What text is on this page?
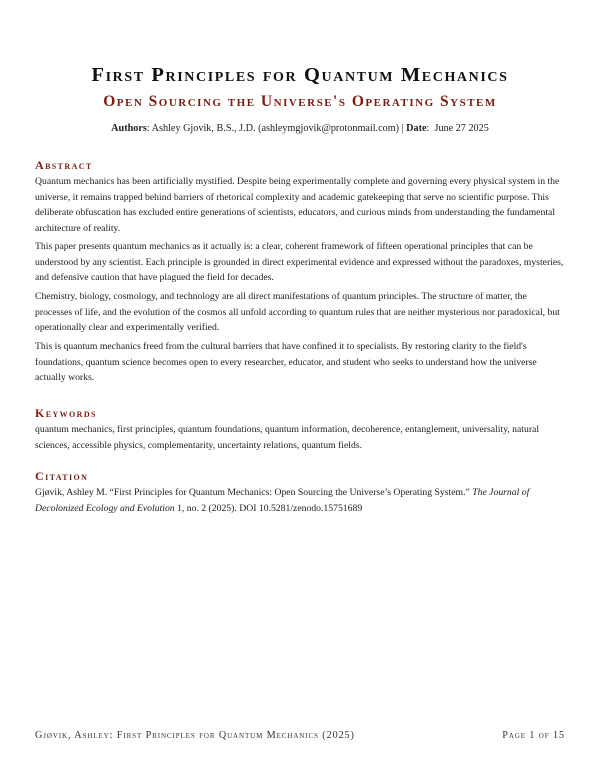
First Principles for Quantum Mechanics
Open Sourcing the Universe's Operating System
Authors: Ashley Gjovik, B.S., J.D. (ashleymgjovik@protonmail.com) | Date:  June 27 2025
Abstract
Quantum mechanics has been artificially mystified. Despite being experimentally complete and governing every physical system in the universe, it remains trapped behind barriers of rhetorical complexity and academic gatekeeping that serve no scientific purpose. This deliberate obfuscation has excluded entire generations of scientists, educators, and curious minds from understanding the fundamental architecture of reality.
This paper presents quantum mechanics as it actually is: a clear, coherent framework of fifteen operational principles that can be understood by any scientist. Each principle is grounded in direct experimental evidence and expressed without the paradoxes, mysteries, and defensive caution that have plagued the field for decades.
Chemistry, biology, cosmology, and technology are all direct manifestations of quantum principles. The structure of matter, the processes of life, and the evolution of the cosmos all unfold according to quantum rules that are neither mysterious nor paradoxical, but operationally clear and experimentally verified.
This is quantum mechanics freed from the cultural barriers that have confined it to specialists. By restoring clarity to the field's foundations, quantum science becomes open to every researcher, educator, and student who seeks to understand how the universe actually works.
Keywords
quantum mechanics, first principles, quantum foundations, quantum information, decoherence, entanglement, universality, natural sciences, accessible physics, complementarity, uncertainty relations, quantum fields.
Citation
Gjøvik, Ashley M. “First Principles for Quantum Mechanics: Open Sourcing the Universe’s Operating System.” The Journal of Decolonized Ecology and Evolution 1, no. 2 (2025). DOI 10.5281/zenodo.15751689
Gjøvik, Ashley: First Principles for Quantum Mechanics (2025)	Page 1 of 15
